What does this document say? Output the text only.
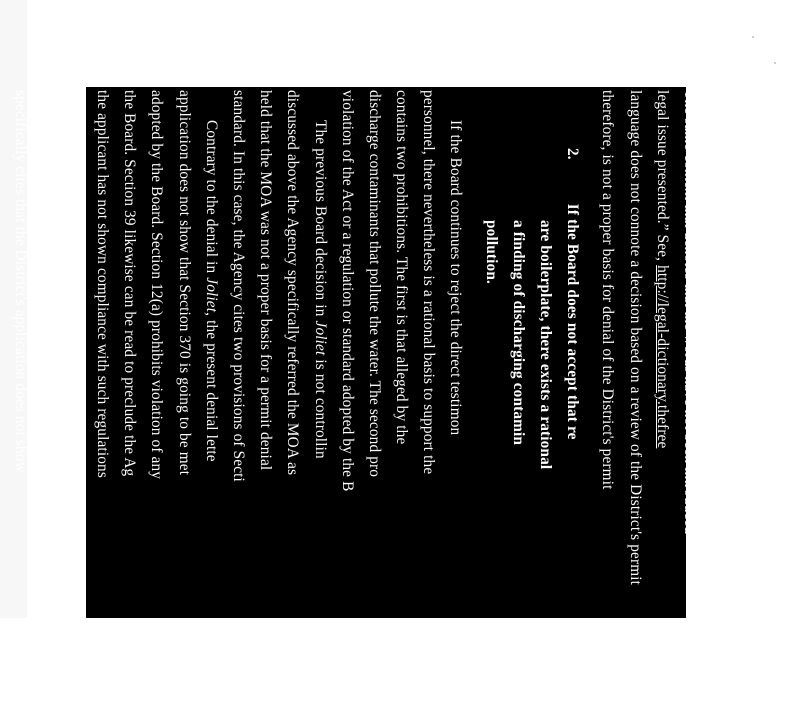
The same context that denotes that the words have not been introduced
legal issue presented.” See, http://legal-dictionary.thefree
language does not connote a decision based on a review of the District's permit
therefore, is not a proper basis for denial of the District's permit
2.  If the Board does not accept that re
are boilerplate, there exists a rational
a finding of discharging contamin
pollution.
If the Board continues to reject the direct testimon
personnel, there nevertheless is a rational basis to support the
contains two prohibitions. The first is that alleged by the
discharge contaminants that pollute the water. The second pro
violation of the Act or a regulation or standard adopted by the B
The previous Board decision in Joliet is not controllin
discussed above the Agency specifically referred the MOA as
held that the MOA was not a proper basis for a permit denial
standard. In this case, the Agency cites two provisions of Secti
Contrary to the denial in Joliet, the present denial lette
application does not show that Section 370 is going to be met
adopted by the Board. Section 12(a) prohibits violation of any
the Board. Section 39 likewise can be read to preclude the Ag
the applicant has not shown compliance with such regulations
Adm. Code 309.241(a) states the basis for issuing required
prohibition of violating the Act or the Water Pollution R
specifically cites that the District's application does not show
